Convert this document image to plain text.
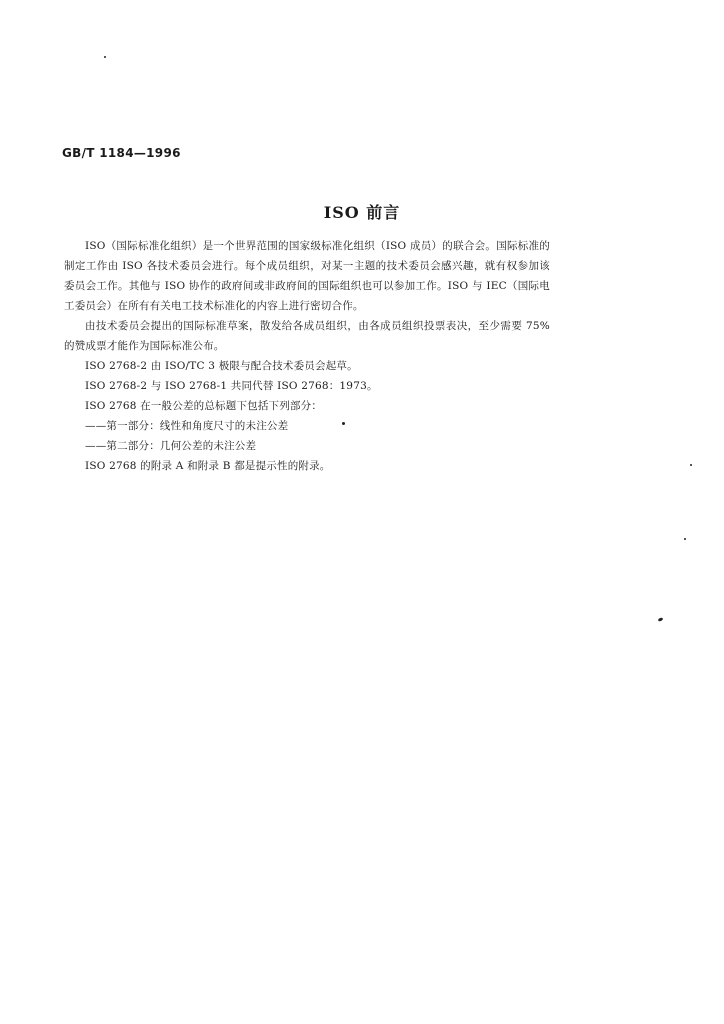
GB/T 1184—1996
ISO 前言

ISO（国际标准化组织）是一个世界范围的国家级标准化组织（ISO 成员）的联合会。国际标准的制定工作由 ISO 各技术委员会进行。每个成员组织，对某一主题的技术委员会感兴趣，就有权参加该委员会工作。其他与 ISO 协作的政府间或非政府间的国际组织也可以参加工作。ISO 与 IEC（国际电工委员会）在所有有关电工技术标准化的内容上进行密切合作。

由技术委员会提出的国际标准草案，散发给各成员组织，由各成员组织投票表决，至少需要 75% 的赞成票才能作为国际标准公布。

ISO 2768-2 由 ISO/TC 3 极限与配合技术委员会起草。

ISO 2768-2 与 ISO 2768-1 共同代替 ISO 2768：1973。

ISO 2768 在一般公差的总标题下包括下列部分：

——第一部分：线性和角度尺寸的未注公差

——第二部分：几何公差的未注公差

ISO 2768 的附录 A 和附录 B 都是提示性的附录。
